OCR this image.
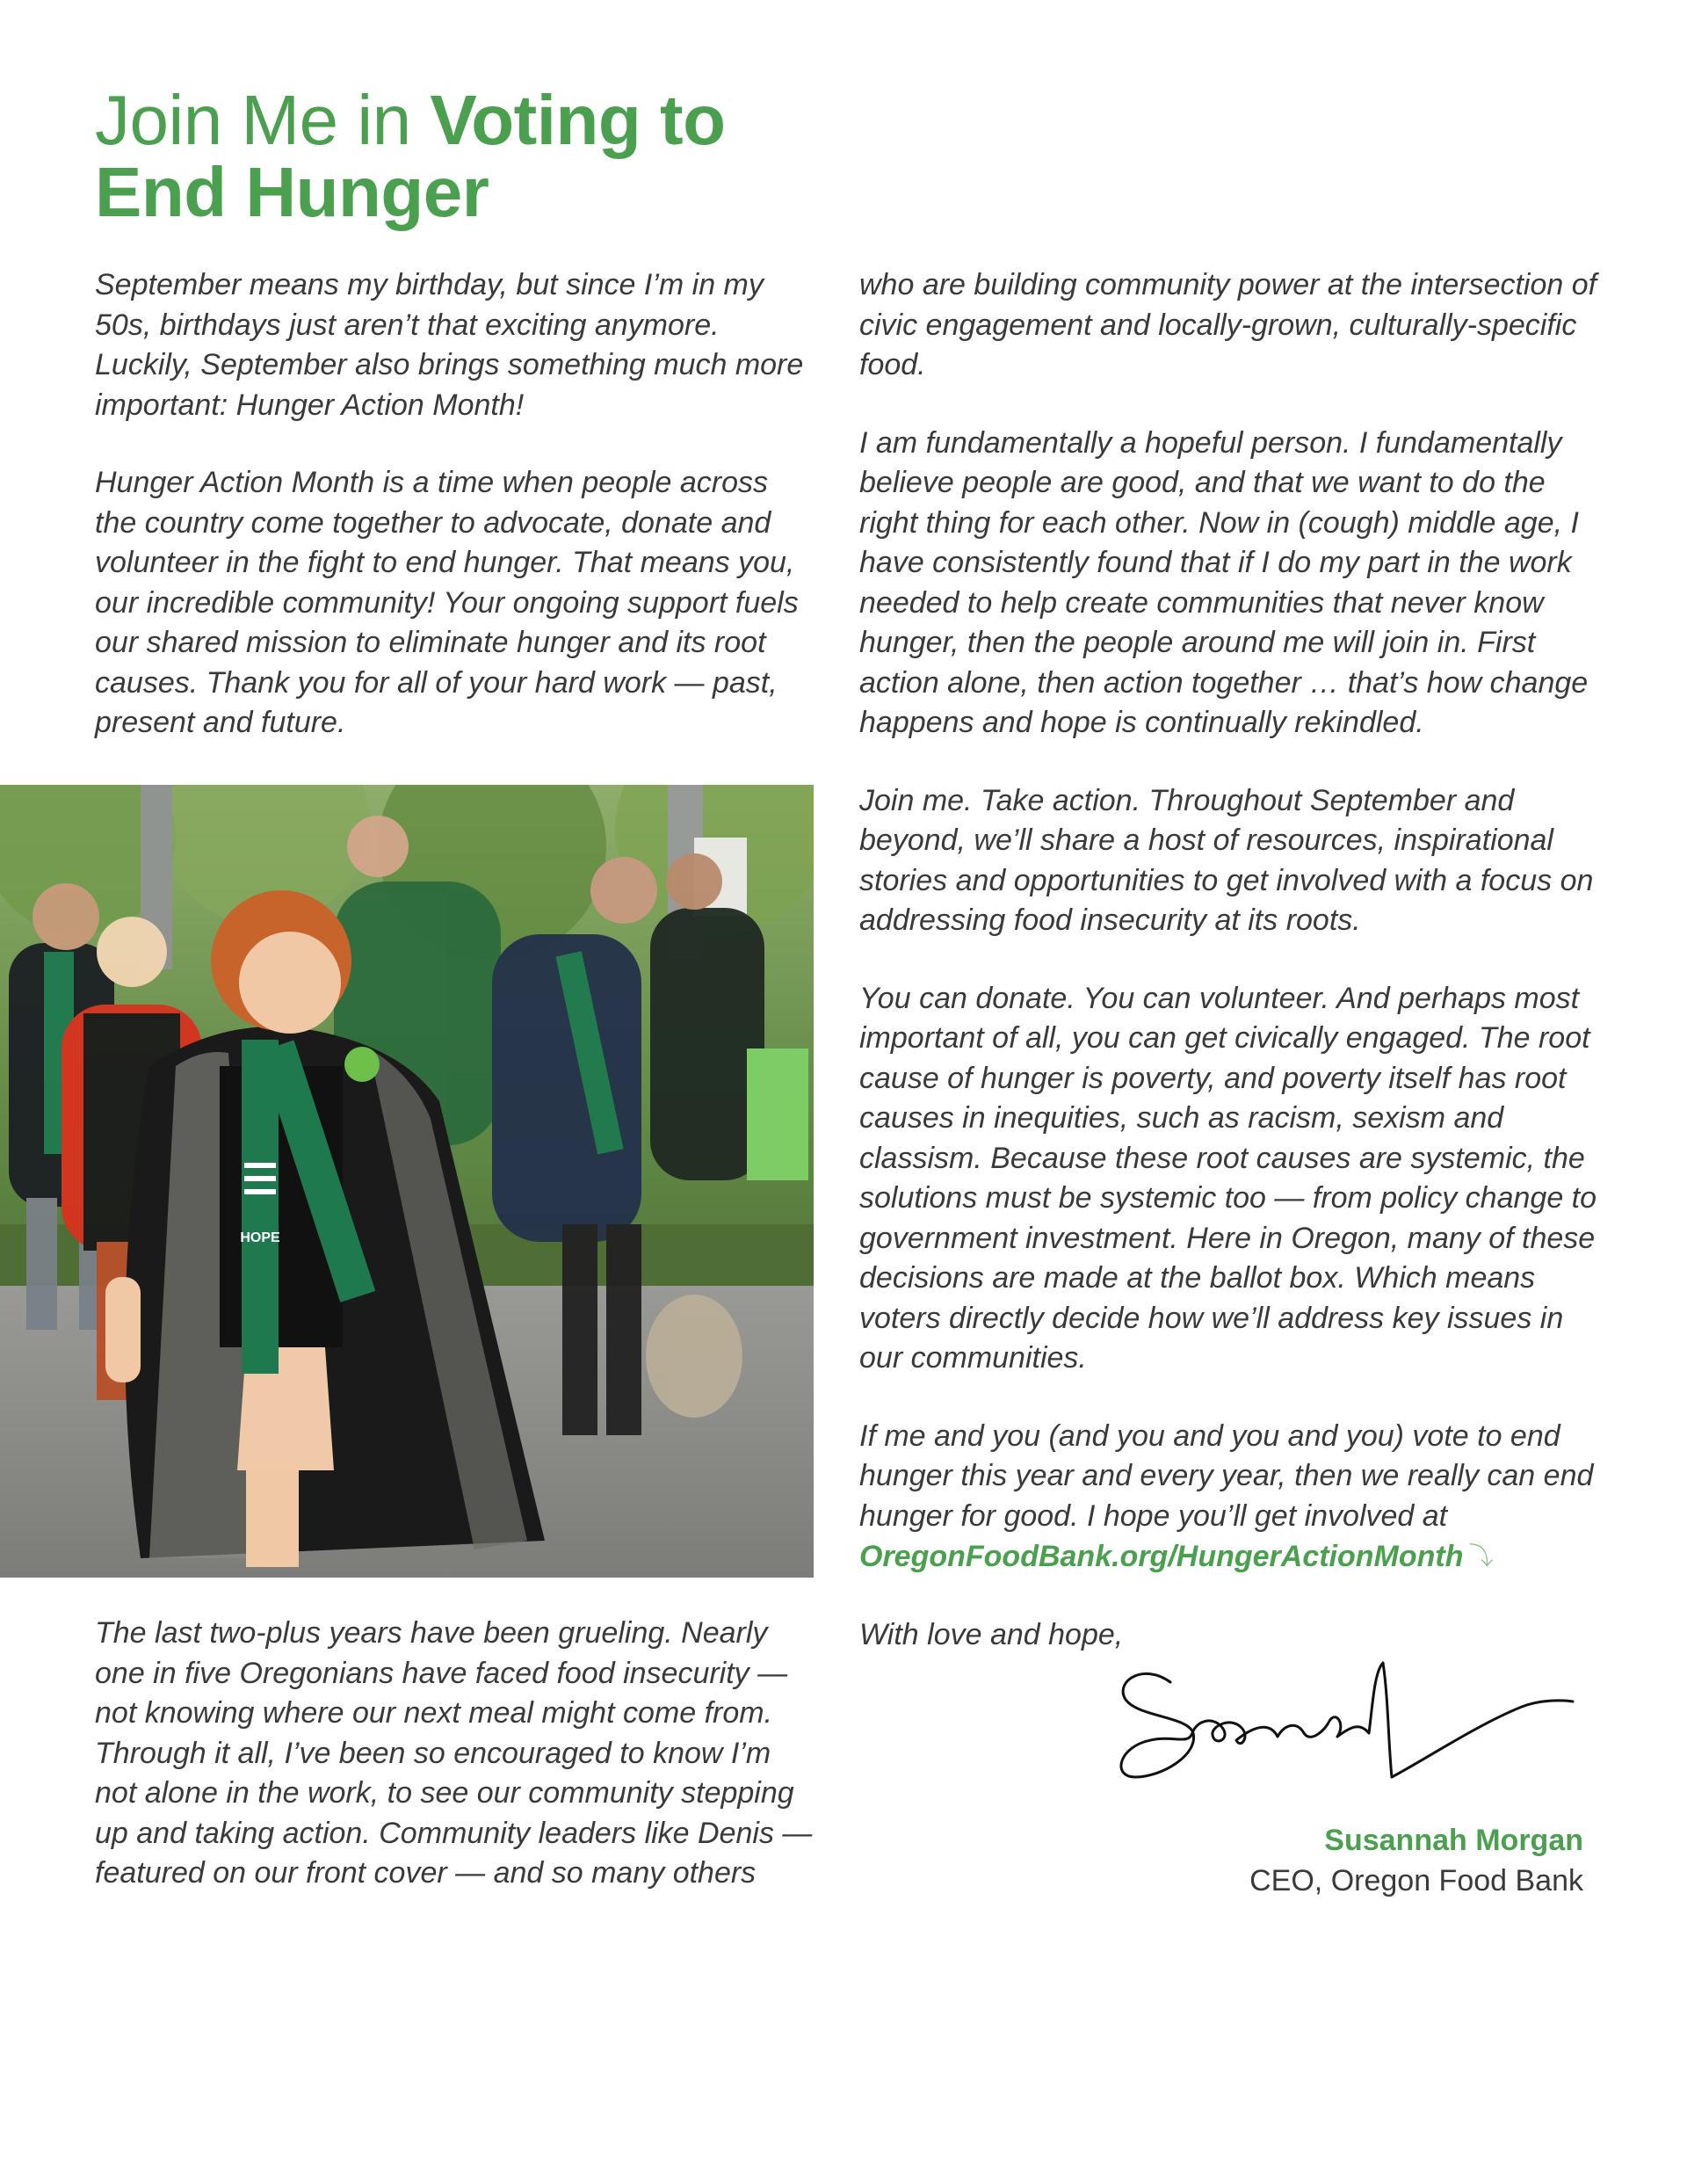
Join Me in Voting to
End Hunger

September means my birthday, but since I’m in my 50s, birthdays just aren’t that exciting anymore. Luckily, September also brings something much more important: Hunger Action Month!

Hunger Action Month is a time when people across the country come together to advocate, donate and volunteer in the fight to end hunger. That means you, our incredible community! Your ongoing support fuels our shared mission to eliminate hunger and its root causes. Thank you for all of your hard work — past, present and future.

HOPE

The last two-plus years have been grueling. Nearly one in five Oregonians have faced food insecurity — not knowing where our next meal might come from. Through it all, I’ve been so encouraged to know I’m not alone in the work, to see our community stepping up and taking action. Community leaders like Denis — featured on our front cover — and so many others

who are building community power at the intersection of civic engagement and locally-grown, culturally-specific food.

I am fundamentally a hopeful person. I fundamentally believe people are good, and that we want to do the right thing for each other. Now in (cough) middle age, I have consistently found that if I do my part in the work needed to help create communities that never know hunger, then the people around me will join in. First action alone, then action together … that’s how change happens and hope is continually rekindled.

Join me. Take action. Throughout September and beyond, we’ll share a host of resources, inspirational stories and opportunities to get involved with a focus on addressing food insecurity at its roots.

You can donate. You can volunteer. And perhaps most important of all, you can get civically engaged. The root cause of hunger is poverty, and poverty itself has root causes in inequities, such as racism, sexism and classism. Because these root causes are systemic, the solutions must be systemic too — from policy change to government investment. Here in Oregon, many of these decisions are made at the ballot box. Which means voters directly decide how we’ll address key issues in our communities.

If me and you (and you and you and you) vote to end hunger this year and every year, then we really can end hunger for good. I hope you’ll get involved at
OregonFoodBank.org/HungerActionMonth ⤵

With love and hope,

Susannah Morgan
CEO, Oregon Food Bank
